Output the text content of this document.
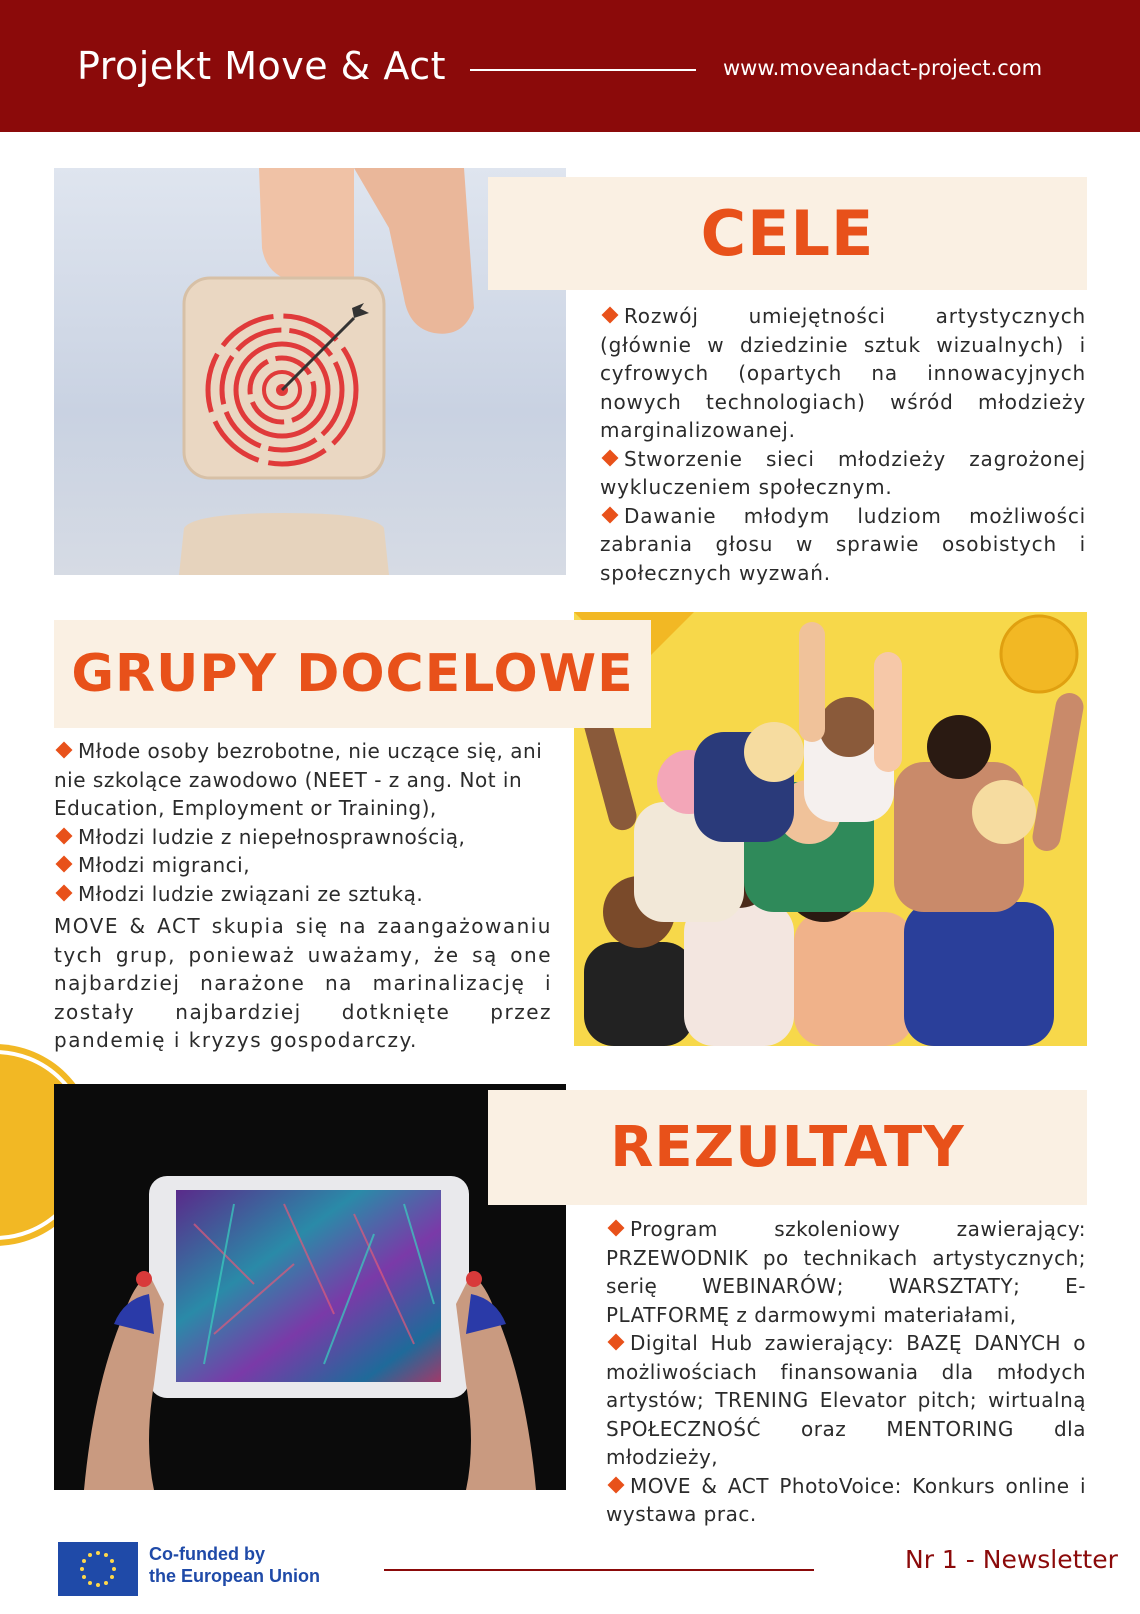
Projekt Move & Act	www.moveandact-project.com
CELE
Rozwój umiejętności artystycznych (głównie w dziedzinie sztuk wizualnych) i cyfrowych (opartych na innowacyjnych nowych technologiach) wśród młodzieży marginalizowanej.
Stworzenie sieci młodzieży zagrożonej wykluczeniem społecznym.
Dawanie młodym ludziom możliwości zabrania głosu w sprawie osobistych i społecznych wyzwań.
GRUPY DOCELOWE
Młode osoby bezrobotne, nie uczące się, ani nie szkolące zawodowo (NEET - z ang. Not in Education, Employment or Training),
Młodzi ludzie z niepełnosprawnością,
Młodzi migranci,
Młodzi ludzie związani ze sztuką.
MOVE & ACT skupia się na zaangażowaniu tych grup, ponieważ uważamy, że są one najbardziej narażone na marinalizację i zostały najbardziej dotknięte przez pandemię i kryzys gospodarczy.
REZULTATY
Program szkoleniowy zawierający: PRZEWODNIK po technikach artystycznych; serię WEBINARÓW; WARSZTATY; E-PLATFORMĘ z darmowymi materiałami,
Digital Hub zawierający: BAZĘ DANYCH o możliwościach finansowania dla młodych artystów; TRENING Elevator pitch; wirtualną SPOŁECZNOŚĆ oraz MENTORING dla młodzieży,
MOVE & ACT PhotoVoice: Konkurs online i wystawa prac.
Co-funded by
the European Union
Nr 1 - Newsletter
